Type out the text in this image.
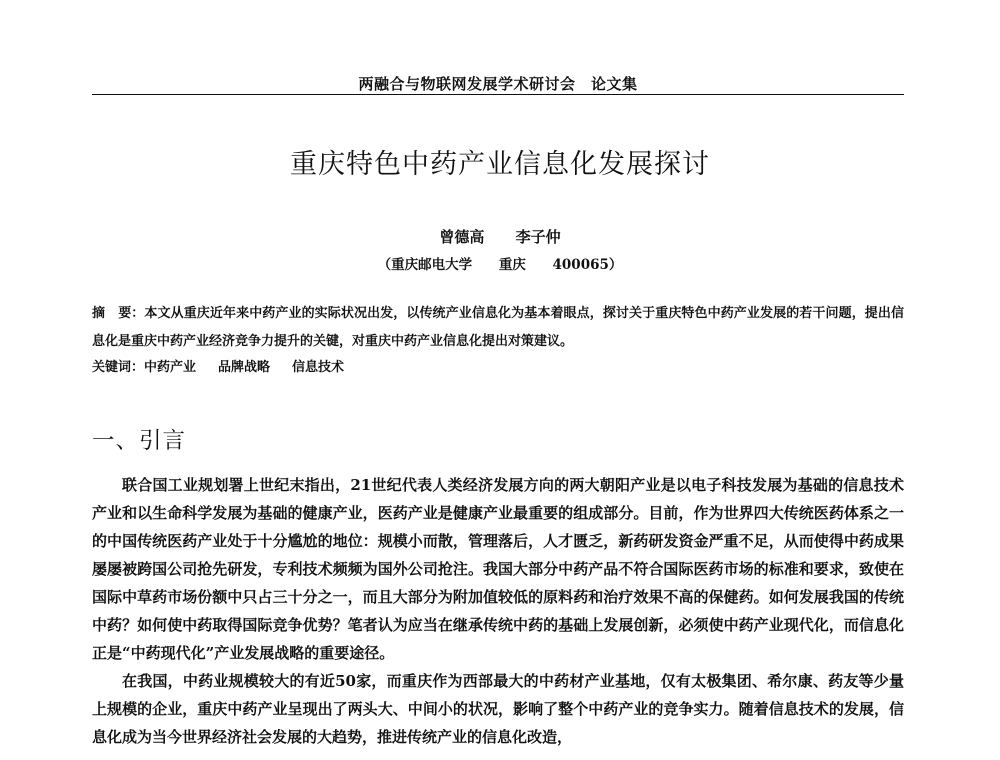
两融合与物联网发展学术研讨会　论文集
重庆特色中药产业信息化发展探讨
曾德高 李子仲
（重庆邮电大学 重庆 400065）
摘　要：本文从重庆近年来中药产业的实际状况出发，以传统产业信息化为基本着眼点，探讨关于重庆特色中药产业发展的若干问题，提出信息化是重庆中药产业经济竞争力提升的关键，对重庆中药产业信息化提出对策建议。
关键词：中药产业 品牌战略 信息技术
一、引言

联合国工业规划署上世纪末指出，21世纪代表人类经济发展方向的两大朝阳产业是以电子科技发展为基础的信息技术产业和以生命科学发展为基础的健康产业，医药产业是健康产业最重要的组成部分。目前，作为世界四大传统医药体系之一的中国传统医药产业处于十分尴尬的地位：规模小而散，管理落后，人才匮乏，新药研发资金严重不足，从而使得中药成果屡屡被跨国公司抢先研发，专利技术频频为国外公司抢注。我国大部分中药产品不符合国际医药市场的标准和要求，致使在国际中草药市场份额中只占三十分之一，而且大部分为附加值较低的原料药和治疗效果不高的保健药。如何发展我国的传统中药？如何使中药取得国际竞争优势？笔者认为应当在继承传统中药的基础上发展创新，必须使中药产业现代化，而信息化正是“中药现代化”产业发展战略的重要途径。

在我国，中药业规模较大的有近50家，而重庆作为西部最大的中药材产业基地，仅有太极集团、希尔康、药友等少量上规模的企业，重庆中药产业呈现出了两头大、中间小的状况，影响了整个中药产业的竞争实力。随着信息技术的发展，信息化成为当今世界经济社会发展的大趋势，推进传统产业的信息化改造，
